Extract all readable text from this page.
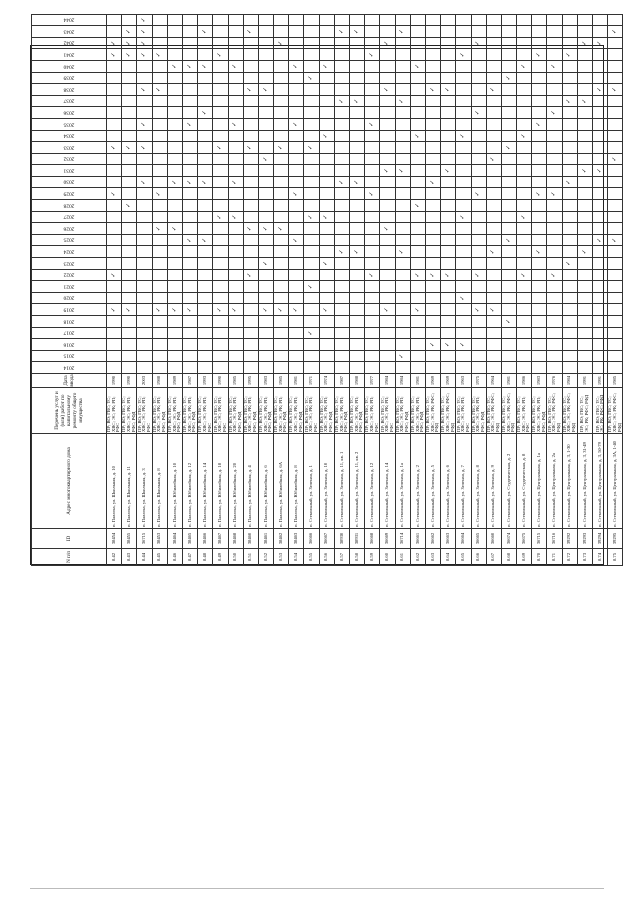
N п/п	ID	Адрес многоквартирного дома	Перечень услуг и (или) работ по капитальному ремонту общего имущества	Дата ввода	2014	2015	2016	2017	2018	2019	2020	2021	2022	2023	2024	2025	2026	2027	2028	2029	2030	2031	2032	2033	2034	2035	2036	2037	2038	2039	2040	2041	2042	2043	2044
8.42	38454	п. Палатка, ул. Школьная, д. 10	ПР; ВО; ГВС; ТС; ХВС; ЭС; РК; РП; РФС	1990						✓			✓							✓				✓								✓	✓		
8.43	38455	п. Палатка, ул. Школьная, д. 11	ПР; ВО; ГВС; ТС; ХВС; ЭС; РК; РП; РФС; РФД	1990						✓									✓					✓								✓	✓	✓	
8.44	36715	п. Палатка, ул. Школьная, д. 3	ПР; ВО; ГВС; ТС; ХВС; ЭС; РК; РП; РФС	2003																	✓			✓		✓			✓			✓	✓	✓	✓
8.45	38453	п. Палатка, ул. Школьная, д. 8	ПР; ВО; ГВС; ТС; ХВС; ЭС; РК; РП; РФС; РФД	1988						✓							✓			✓									✓			✓			
8.46	38464	п. Палатка, ул. Юбилейная, д. 10	ПР; ВО; ГВС; ТС; ХВС; ЭС; РК; РП; РФС; РФД	1989						✓							✓				✓										✓				
8.47	38465	п. Палатка, ул. Юбилейная, д. 12	ПР; ВО; ГВС; ТС; ХВС; ЭС; РК; РП; РФС; РФД	1987						✓						✓					✓					✓					✓				
8.48	38466	п. Палатка, ул. Юбилейная, д. 14	ПР; ВО; ГВС; ТС; ХВС; ЭС; РК; РП; РФС	1993												✓					✓						✓				✓			✓	
8.49	38467	п. Палатка, ул. Юбилейная, д. 18	ПР; ВО; ГВС; ТС; ХВС; ЭС; РК; РП; РФС	1990						✓								✓						✓								✓			
8.50	38468	п. Палатка, ул. Юбилейная, д. 20	ПР; ВО; ГВС; ТС; ХВС; ЭС; РК; РП; РФС; РФД	1985						✓								✓			✓					✓					✓				
8.51	38460	п. Палатка, ул. Юбилейная, д. 4	ПР; ВО; ГВС; ТС; ХВС; ЭС; РК; РП; РФС; РФД	1995									✓				✓							✓					✓					✓	
8.52	38461	п. Палатка, ул. Юбилейная, д. 6	ПР; ВО; ГВС; ТС; ХВС; ЭС; РК; РП; РФС; РФД	1983						✓				✓			✓						✓						✓						
8.53	38462	п. Палатка, ул. Юбилейная, д. 6А	ПР; ВО; ГВС; ТС; ХВС; ЭС; РК; РП; РФС; РФД	1985						✓							✓							✓									✓		
8.54	38463	п. Палатка, ул. Юбилейная, д. 8	ПР; ВО; ГВС; ТС; ХВС; ЭС; РК; РП; РФС; РФД	1981						✓						✓				✓						✓					✓				
8.55	36666	п. Стекольный, ул. Зеленая, д. 1	ПР; ВО; ГВС; ТС; ХВС; ЭС; РК; РП; РФС	1971				✓				✓						✓						✓						✓					
8.56	36667	п. Стекольный, ул. Зеленая, д. 10	ПР; ВО; ГВС; ТС; ХВС; ЭС; РК; РП; РФС; РФД	1974						✓				✓				✓							✓						✓				
8.57	38930	п. Стекольный, ул. Зеленая, д. 11, кв. 1	ПР; ВО; ГВС; ТС; ХВС; ЭС; РК; РП; РФС; РФД	1987											✓						✓							✓						✓	
8.58	38931	п. Стекольный, ул. Зеленая, д. 11, кв. 2	ПР; ВО; ГВС; ТС; ХВС; ЭС; РК; РП; РФС; РФД	1988											✓						✓							✓						✓	
8.59	36668	п. Стекольный, ул. Зеленая, д. 12	ПР; ВО; ГВС; ТС; ХВС; ЭС; РК; РП; РФС	1977									✓							✓						✓						✓			
8.60	36669	п. Стекольный, ул. Зеленая, д. 14	ПР; ВО; ГВС; ТС; ХВС; ЭС; РК; РП; РФС	1984						✓							✓					✓							✓				✓		
8.61	36714	п. Стекольный, ул. Зеленая, д. 1а	ПР; ВО; ГВС; ТС; ХВС; ЭС; РК; РП; РФС; РФД	1984		✓									✓							✓						✓						✓	
8.62	36661	п. Стекольный, ул. Зеленая, д. 2	ПР; ВО; ГВС; ТС; ХВС; ЭС; РК; РП; РФС; РФД	1981						✓			✓						✓						✓						✓				
8.63	36662	п. Стекольный, ул. Зеленая, д. 5	ПР; ВО; ГВС; ТС; ХВС; ЭС; РК; РФС; РФД	1969			✓						✓								✓								✓						
8.64	36663	п. Стекольный, ул. Зеленая, д. 6	ПР; ВО; ГВС; ТС; ХВС; ЭС; РК; РФС; РФД	1969			✓						✓									✓							✓						
8.65	36664	п. Стекольный, ул. Зеленая, д. 7	ПР; ВО; ГВС; ТС; ХВС; ЭС; РК; РП; РФС	1963			✓				✓							✓							✓							✓			
8.66	36665	п. Стекольный, ул. Зеленая, д. 8	ПР; ВО; ГВС; ТС; ХВС; ЭС; РК; РП; РФС; РФД	1975						✓			✓							✓							✓						✓		
8.67	36660	п. Стекольный, ул. Зеленая, д. 9	ПР; ВО; ГВС; ТС; ХВС; ЭС; РК; РФС; РФД	1964						✓					✓								✓						✓						
8.68	36674	п. Стекольный, ул. Студенческая, д. 2	ПР; ВО; ГВС; ТС; ХВС; ЭС; РК; РФС; РФД	1981					✓							✓								✓						✓					
8.69	36675	п. Стекольный, ул. Студенческая, д. 8	ПР; ВО; ГВС; ТС; ХВС; ЭС; РК; РП; РФС	1986									✓					✓							✓						✓				
8.70	36715	п. Стекольный, ул. Центральная, д. 1а	ПР; ВО; ГВС; ТС; ХВС; ЭС; РК; РП; РФС; РФД	1983											✓					✓						✓						✓			
8.71	36716	п. Стекольный, ул. Центральная, д. 2а	ПР; ВО; ГВС; ТС; ХВС; ЭС; РК; РФС; РФД	1976									✓							✓							✓				✓				
8.72	39292	п. Стекольный, ул. Центральная, д. 3, 1-30	ПР; ВО; ГВС; ТС; ХВС; ЭС; РК; РФС; РФД	1984										✓							✓							✓				✓			
8.73	39293	п. Стекольный, ул. Центральная, д. 3, 31-49	ПР; ВО; ГВС; ТС; ЭС; РК; РФС; РФД	1991											✓							✓						✓					✓		
8.74	39294	п. Стекольный, ул. Центральная, д. 3, 50-79	ПР; ВО; ГВС; ТС; ЭС; РК; РФС; РФД	1991												✓						✓							✓				✓		
8.75	39295	п. Стекольный, ул. Центральная, д. 3А, 1-40	ПР; ВО; ГВС; ТС; ХВС; ЭС; РК; РФС; РФД	1985												✓							✓						✓					✓	
